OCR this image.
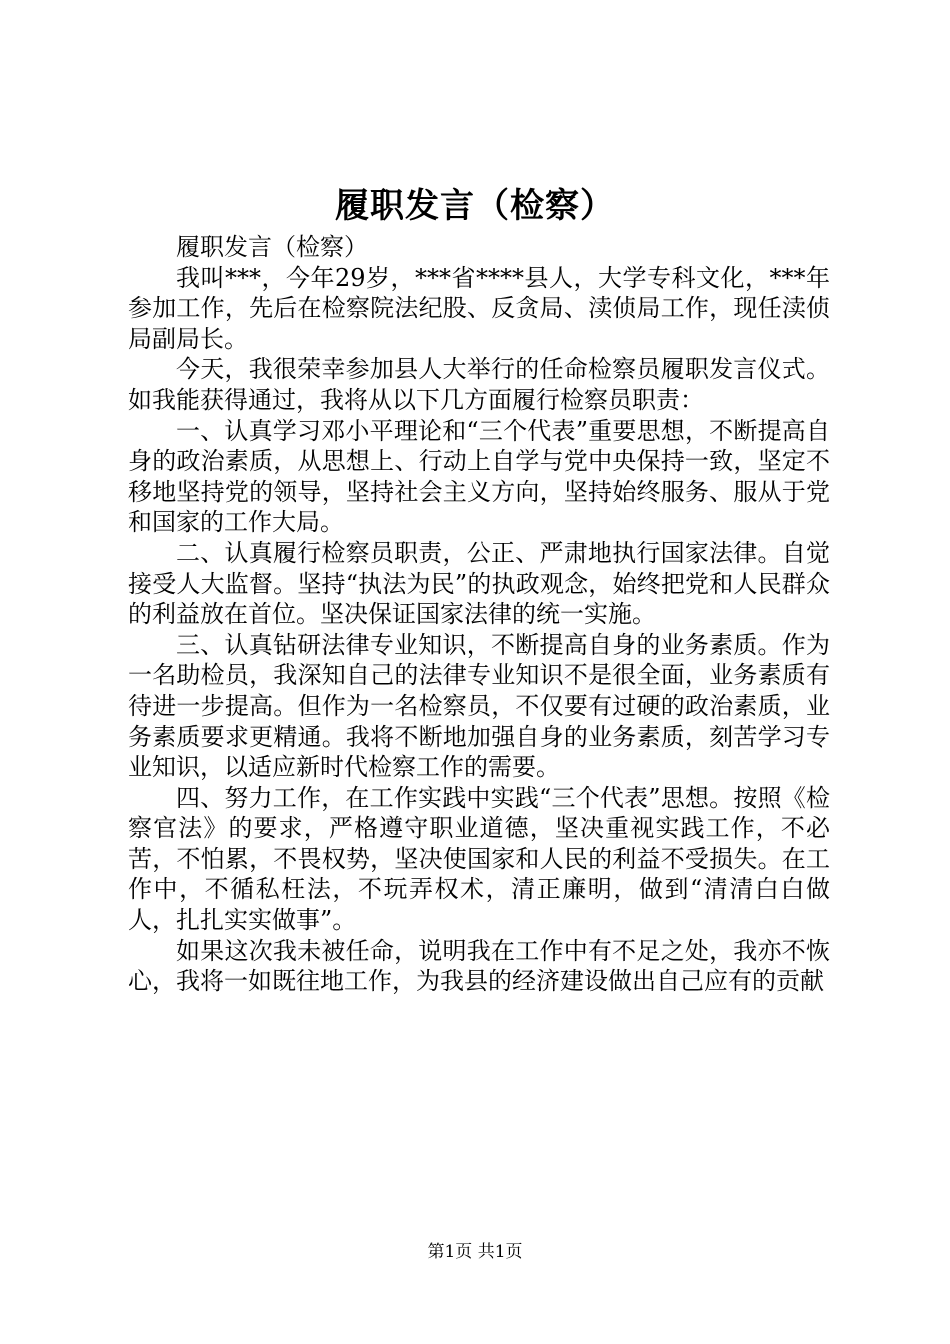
履职发言（检察）

履职发言（检察）

我叫***，今年29岁，***省****县人，大学专科文化，***年参加工作，先后在检察院法纪股、反贪局、渎侦局工作，现任渎侦局副局长。

今天，我很荣幸参加县人大举行的任命检察员履职发言仪式。如我能获得通过，我将从以下几方面履行检察员职责：

一、认真学习邓小平理论和“三个代表”重要思想，不断提高自身的政治素质，从思想上、行动上自学与党中央保持一致，坚定不移地坚持党的领导，坚持社会主义方向，坚持始终服务、服从于党和国家的工作大局。

二、认真履行检察员职责，公正、严肃地执行国家法律。自觉接受人大监督。坚持“执法为民”的执政观念，始终把党和人民群众的利益放在首位。坚决保证国家法律的统一实施。

三、认真钻研法律专业知识，不断提高自身的业务素质。作为一名助检员，我深知自己的法律专业知识不是很全面，业务素质有待进一步提高。但作为一名检察员，不仅要有过硬的政治素质，业务素质要求更精通。我将不断地加强自身的业务素质，刻苦学习专业知识，以适应新时代检察工作的需要。

四、努力工作，在工作实践中实践“三个代表”思想。按照《检察官法》的要求，严格遵守职业道德，坚决重视实践工作，不必苦，不怕累，不畏权势，坚决使国家和人民的利益不受损失。在工作中，不循私枉法，不玩弄权术，清正廉明，做到“清清白白做人，扎扎实实做事”。

如果这次我未被任命，说明我在工作中有不足之处，我亦不恢心，我将一如既往地工作，为我县的经济建设做出自己应有的贡献

第1页 共1页
